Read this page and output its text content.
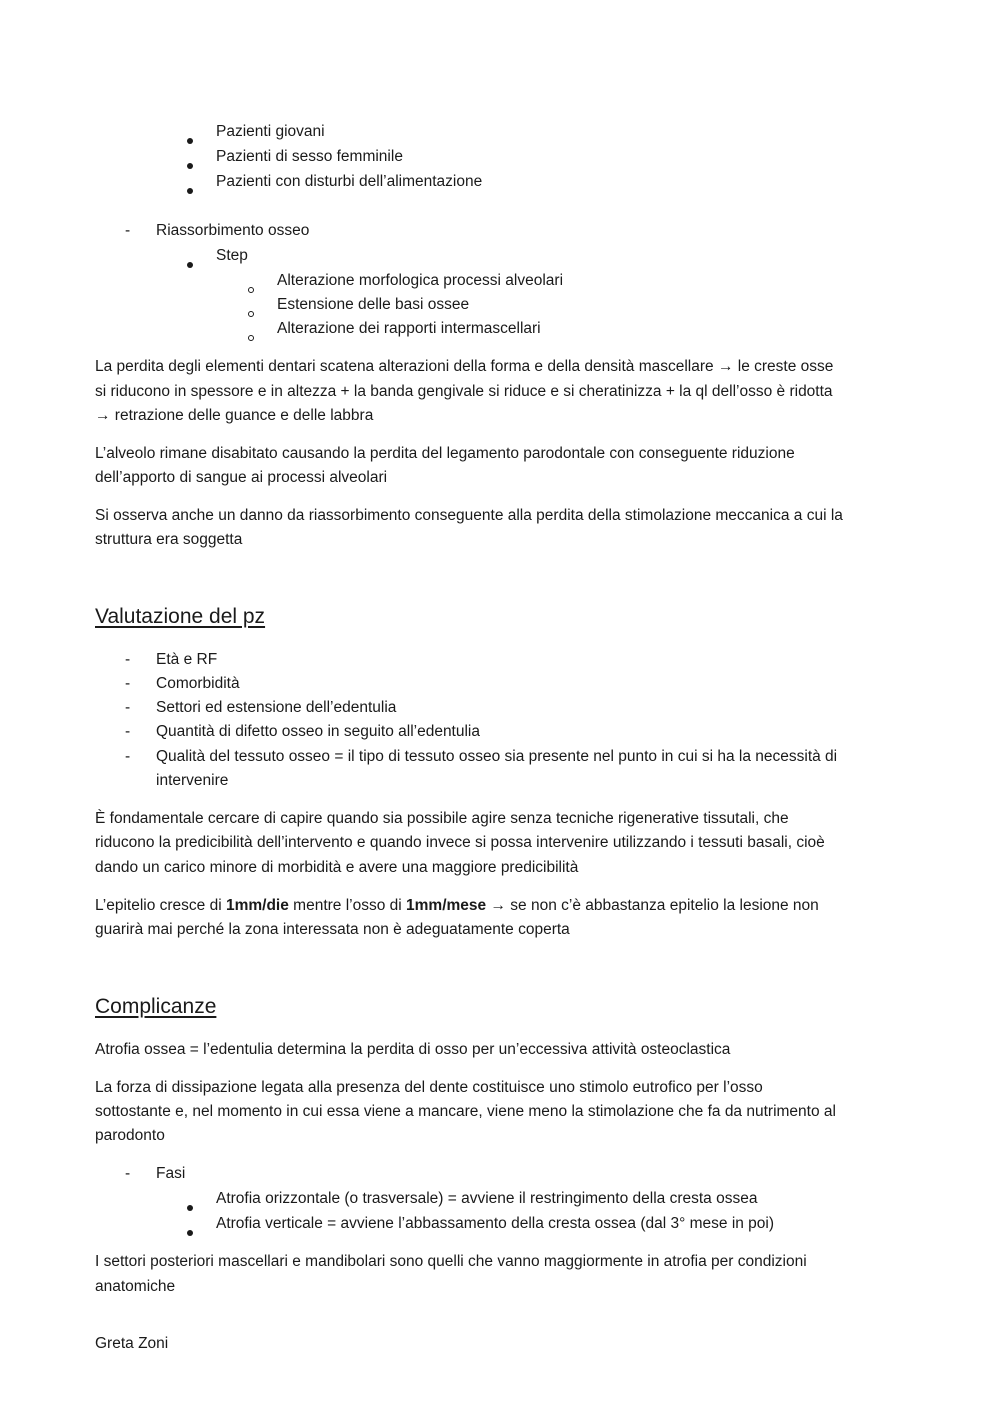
Pazienti giovani
Pazienti di sesso femminile
Pazienti con disturbi dell’alimentazione
- Riassorbimento osseo
Step
Alterazione morfologica processi alveolari
Estensione delle basi ossee
Alterazione dei rapporti intermascellari
La perdita degli elementi dentari scatena alterazioni della forma e della densità mascellare → le creste osse
si riducono in spessore e in altezza + la banda gengivale si riduce e si cheratinizza + la ql dell’osso è ridotta
→ retrazione delle guance e delle labbra
L’alveolo rimane disabitato causando la perdita del legamento parodontale con conseguente riduzione
dell’apporto di sangue ai processi alveolari
Si osserva anche un danno da riassorbimento conseguente alla perdita della stimolazione meccanica a cui la
struttura era soggetta
Valutazione del pz
- Età e RF
- Comorbidità
- Settori ed estensione dell’edentulia
- Quantità di difetto osseo in seguito all’edentulia
- Qualità del tessuto osseo = il tipo di tessuto osseo sia presente nel punto in cui si ha la necessità di
intervenire
È fondamentale cercare di capire quando sia possibile agire senza tecniche rigenerative tissutali, che
riducono la predicibilità dell’intervento e quando invece si possa intervenire utilizzando i tessuti basali, cioè
dando un carico minore di morbidità e avere una maggiore predicibilità
L’epitelio cresce di 1mm/die mentre l’osso di 1mm/mese → se non c’è abbastanza epitelio la lesione non
guarirà mai perché la zona interessata non è adeguatamente coperta
Complicanze
Atrofia ossea = l’edentulia determina la perdita di osso per un’eccessiva attività osteoclastica
La forza di dissipazione legata alla presenza del dente costituisce uno stimolo eutrofico per l’osso
sottostante e, nel momento in cui essa viene a mancare, viene meno la stimolazione che fa da nutrimento al
parodonto
- Fasi
Atrofia orizzontale (o trasversale) = avviene il restringimento della cresta ossea
Atrofia verticale = avviene l’abbassamento della cresta ossea (dal 3° mese in poi)
I settori posteriori mascellari e mandibolari sono quelli che vanno maggiormente in atrofia per condizioni
anatomiche
Greta Zoni
